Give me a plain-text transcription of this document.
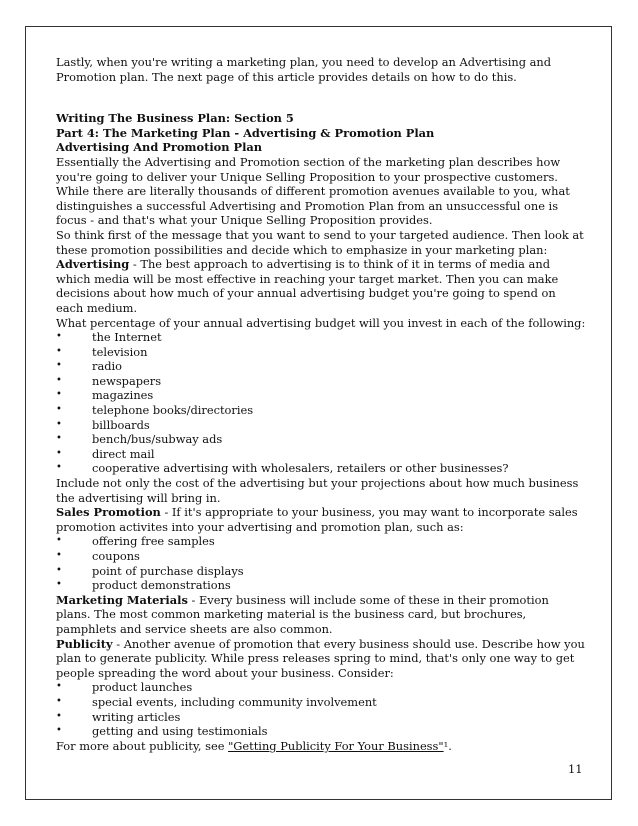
Lastly, when you're writing a marketing plan, you need to develop an Advertising and Promotion plan. The next page of this article provides details on how to do this.

Writing The Business Plan: Section 5

Part 4: The Marketing Plan - Advertising & Promotion Plan

Advertising And Promotion Plan

Essentially the Advertising and Promotion section of the marketing plan describes how you're going to deliver your Unique Selling Proposition to your prospective customers. While there are literally thousands of different promotion avenues available to you, what distinguishes a successful Advertising and Promotion Plan from an unsuccessful one is focus - and that's what your Unique Selling Proposition provides.

So think first of the message that you want to send to your targeted audience. Then look at these promotion possibilities and decide which to emphasize in your marketing plan:

Advertising - The best approach to advertising is to think of it in terms of media and which media will be most effective in reaching your target market. Then you can make decisions about how much of your annual advertising budget you're going to spend on each medium.

What percentage of your annual advertising budget will you invest in each of the following:

• the Internet
• television
• radio
• newspapers
• magazines
• telephone books/directories
• billboards
• bench/bus/subway ads
• direct mail
• cooperative advertising with wholesalers, retailers or other businesses?

Include not only the cost of the advertising but your projections about how much business the advertising will bring in.

Sales Promotion - If it's appropriate to your business, you may want to incorporate sales promotion activites into your advertising and promotion plan, such as:

• offering free samples
• coupons
• point of purchase displays
• product demonstrations

Marketing Materials - Every business will include some of these in their promotion plans. The most common marketing material is the business card, but brochures, pamphlets and service sheets are also common.

Publicity - Another avenue of promotion that every business should use. Describe how you plan to generate publicity. While press releases spring to mind, that's only one way to get people spreading the word about your business. Consider:

• product launches
• special events, including community involvement
• writing articles
• getting and using testimonials

For more about publicity, see "Getting Publicity For Your Business"¹.

11
